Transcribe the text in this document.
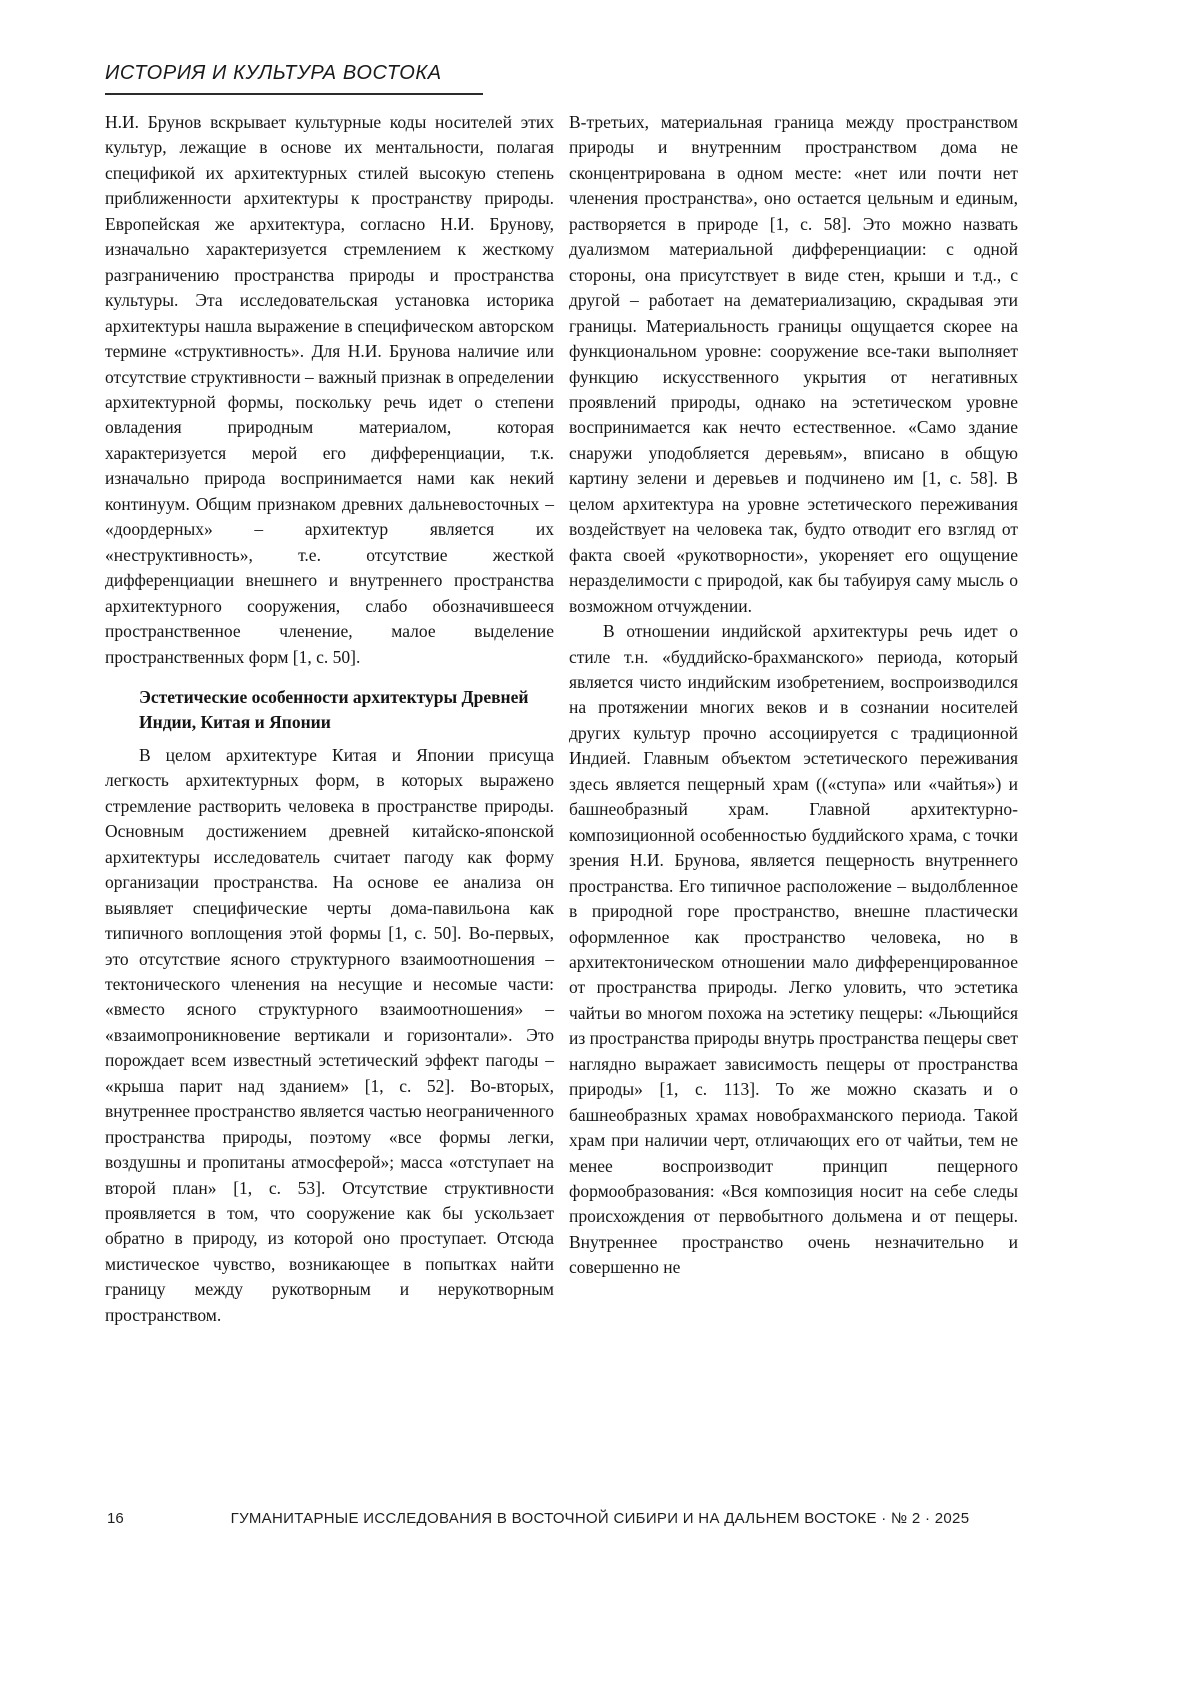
ИСТОРИЯ И КУЛЬТУРА ВОСТОКА

Н.И. Брунов вскрывает культурные коды носителей этих культур, лежащие в основе их ментальности, полагая спецификой их архитектурных стилей высокую степень приближенности архитектуры к пространству природы. Европейская же архитектура, согласно Н.И. Брунову, изначально характеризуется стремлением к жесткому разграничению пространства природы и пространства культуры. Эта исследовательская установка историка архитектуры нашла выражение в специфическом авторском термине «структивность». Для Н.И. Брунова наличие или отсутствие структивности – важный признак в определении архитектурной формы, поскольку речь идет о степени овладения природным материалом, которая характеризуется мерой его дифференциации, т.к. изначально природа воспринимается нами как некий континуум. Общим признаком древних дальневосточных – «доордерных» – архитектур является их «неструктивность», т.е. отсутствие жесткой дифференциации внешнего и внутреннего пространства архитектурного сооружения, слабо обозначившееся пространственное членение, малое выделение пространственных форм [1, с. 50].

Эстетические особенности архитектуры Древней Индии, Китая и Японии

В целом архитектуре Китая и Японии присуща легкость архитектурных форм, в которых выражено стремление растворить человека в пространстве природы. Основным достижением древней китайско-японской архитектуры исследователь считает пагоду как форму организации пространства. На основе ее анализа он выявляет специфические черты дома-павильона как типичного воплощения этой формы [1, с. 50]. Во-первых, это отсутствие ясного структурного взаимоотношения – тектонического членения на несущие и несомые части: «вместо ясного структурного взаимоотношения» – «взаимопроникновение вертикали и горизонтали». Это порождает всем известный эстетический эффект пагоды – «крыша парит над зданием» [1, с. 52]. Во-вторых, внутреннее пространство является частью неограниченного пространства природы, поэтому «все формы легки, воздушны и пропитаны атмосферой»; масса «отступает на второй план» [1, с. 53]. Отсутствие структивности проявляется в том, что сооружение как бы ускользает обратно в природу, из которой оно проступает. Отсюда мистическое чувство, возникающее в попытках найти границу между рукотворным и нерукотворным пространством.

В-третьих, материальная граница между пространством природы и внутренним пространством дома не сконцентрирована в одном месте: «нет или почти нет членения пространства», оно остается цельным и единым, растворяется в природе [1, с. 58]. Это можно назвать дуализмом материальной дифференциации: с одной стороны, она присутствует в виде стен, крыши и т.д., с другой – работает на дематериализацию, скрадывая эти границы. Материальность границы ощущается скорее на функциональном уровне: сооружение все-таки выполняет функцию искусственного укрытия от негативных проявлений природы, однако на эстетическом уровне воспринимается как нечто естественное. «Само здание снаружи уподобляется деревьям», вписано в общую картину зелени и деревьев и подчинено им [1, с. 58]. В целом архитектура на уровне эстетического переживания воздействует на человека так, будто отводит его взгляд от факта своей «рукотворности», укореняет его ощущение неразделимости с природой, как бы табуируя саму мысль о возможном отчуждении.

В отношении индийской архитектуры речь идет о стиле т.н. «буддийско-брахманского» периода, который является чисто индийским изобретением, воспроизводился на протяжении многих веков и в сознании носителей других культур прочно ассоциируется с традиционной Индией. Главным объектом эстетического переживания здесь является пещерный храм ((«ступа» или «чайтья») и башнеобразный храм. Главной архитектурно-композиционной особенностью буддийского храма, с точки зрения Н.И. Брунова, является пещерность внутреннего пространства. Его типичное расположение – выдолбленное в природной горе пространство, внешне пластически оформленное как пространство человека, но в архитектоническом отношении мало дифференцированное от пространства природы. Легко уловить, что эстетика чайтьи во многом похожа на эстетику пещеры: «Льющийся из пространства природы внутрь пространства пещеры свет наглядно выражает зависимость пещеры от пространства природы» [1, с. 113]. То же можно сказать и о башнеобразных храмах новобрахманского периода. Такой храм при наличии черт, отличающих его от чайтьи, тем не менее воспроизводит принцип пещерного формообразования: «Вся композиция носит на себе следы происхождения от первобытного дольмена и от пещеры. Внутреннее пространство очень незначительно и совершенно не

16	ГУМАНИТАРНЫЕ ИССЛЕДОВАНИЯ В ВОСТОЧНОЙ СИБИРИ И НА ДАЛЬНЕМ ВОСТОКЕ · № 2 · 2025
